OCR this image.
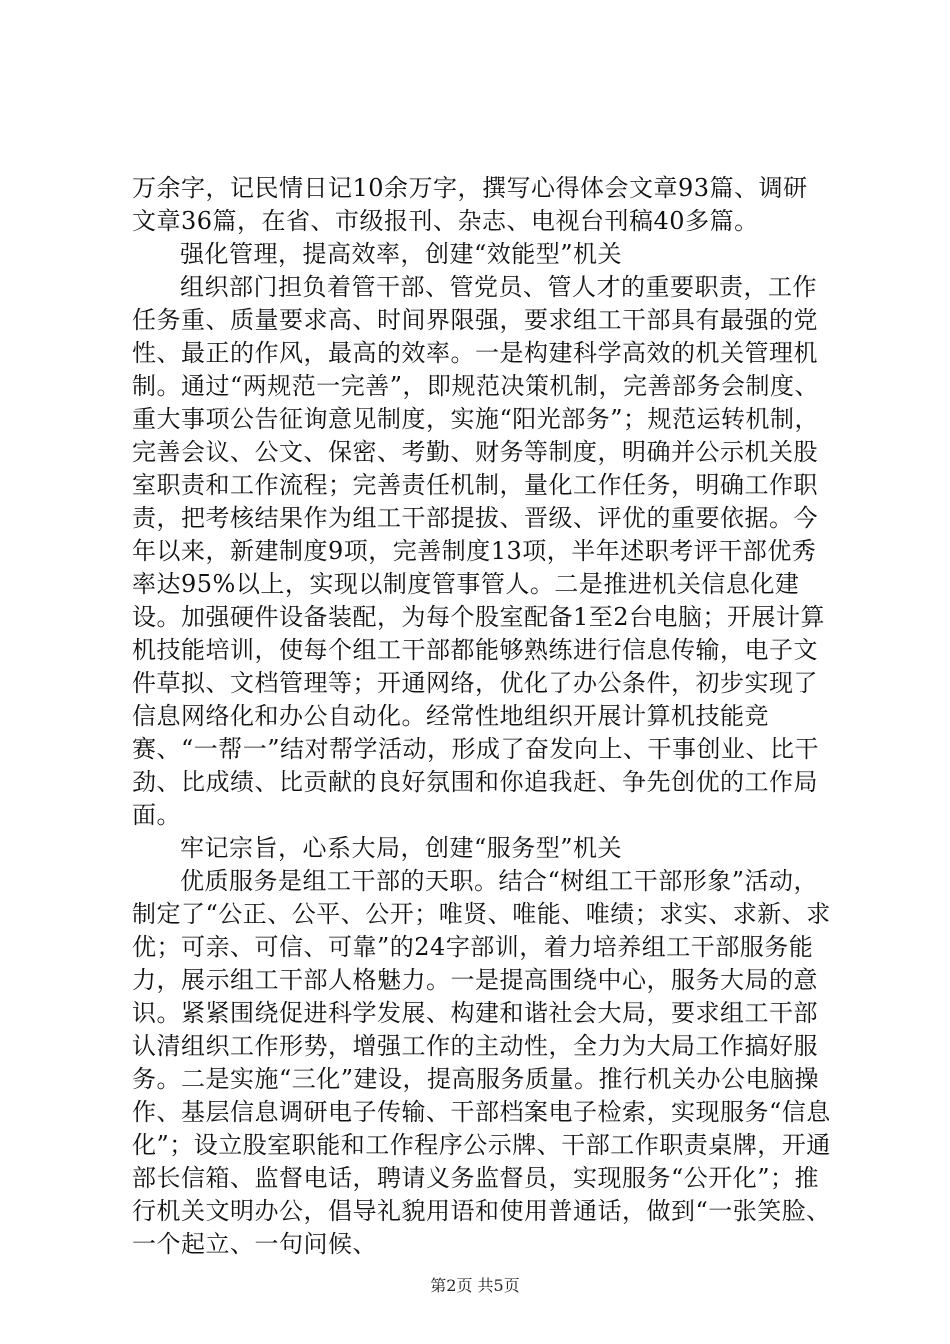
万余字，记民情日记10余万字，撰写心得体会文章93篇、调研文章36篇，在省、市级报刊、杂志、电视台刊稿40多篇。

强化管理，提高效率，创建“效能型”机关

组织部门担负着管干部、管党员、管人才的重要职责，工作任务重、质量要求高、时间界限强，要求组工干部具有最强的党性、最正的作风，最高的效率。一是构建科学高效的机关管理机制。通过“两规范一完善”，即规范决策机制，完善部务会制度、重大事项公告征询意见制度，实施“阳光部务”；规范运转机制，完善会议、公文、保密、考勤、财务等制度，明确并公示机关股室职责和工作流程；完善责任机制，量化工作任务，明确工作职责，把考核结果作为组工干部提拔、晋级、评优的重要依据。今年以来，新建制度9项，完善制度13项，半年述职考评干部优秀率达95%以上，实现以制度管事管人。二是推进机关信息化建设。加强硬件设备装配，为每个股室配备1至2台电脑；开展计算机技能培训，使每个组工干部都能够熟练进行信息传输，电子文件草拟、文档管理等；开通网络，优化了办公条件，初步实现了信息网络化和办公自动化。经常性地组织开展计算机技能竞赛、“一帮一”结对帮学活动，形成了奋发向上、干事创业、比干劲、比成绩、比贡献的良好氛围和你追我赶、争先创优的工作局面。

牢记宗旨，心系大局，创建“服务型”机关

优质服务是组工干部的天职。结合“树组工干部形象”活动，制定了“公正、公平、公开；唯贤、唯能、唯绩；求实、求新、求优；可亲、可信、可靠”的24字部训，着力培养组工干部服务能力，展示组工干部人格魅力。一是提高围绕中心，服务大局的意识。紧紧围绕促进科学发展、构建和谐社会大局，要求组工干部认清组织工作形势，增强工作的主动性，全力为大局工作搞好服务。二是实施“三化”建设，提高服务质量。推行机关办公电脑操作、基层信息调研电子传输、干部档案电子检索，实现服务“信息化”；设立股室职能和工作程序公示牌、干部工作职责桌牌，开通部长信箱、监督电话，聘请义务监督员，实现服务“公开化”；推行机关文明办公，倡导礼貌用语和使用普通话，做到“一张笑脸、一个起立、一句问候、

第2页 共5页
